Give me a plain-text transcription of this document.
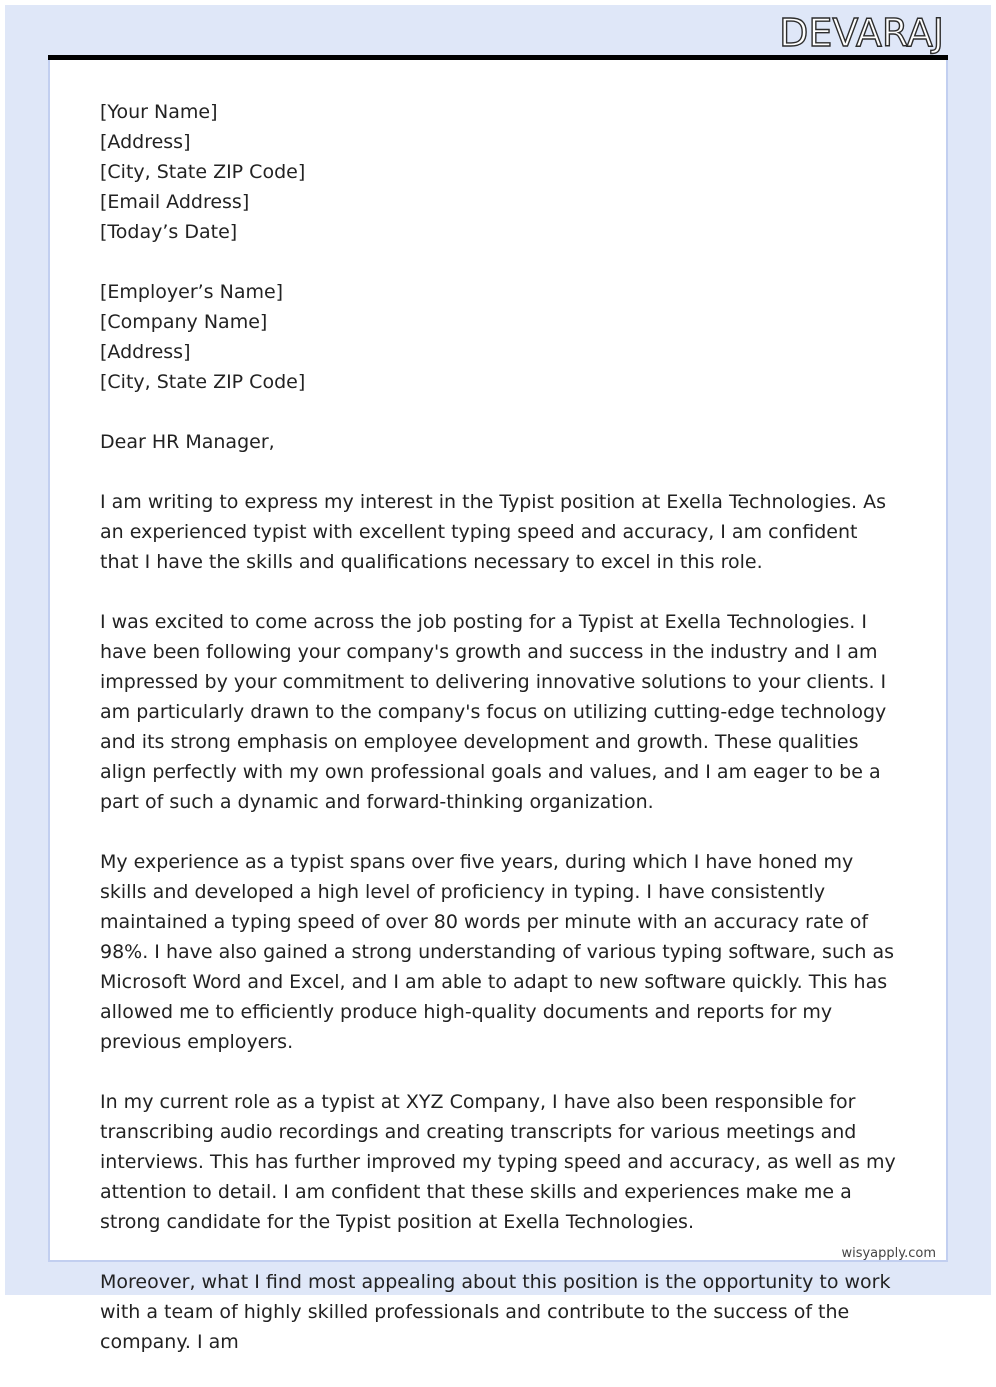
DEVARAJ
[Your Name]
[Address]
[City, State ZIP Code]
[Email Address]
[Today’s Date]
[Employer’s Name]
[Company Name]
[Address]
[City, State ZIP Code]
Dear HR Manager,

I am writing to express my interest in the Typist position at Exella Technologies. As an experienced typist with excellent typing speed and accuracy, I am confident that I have the skills and qualifications necessary to excel in this role.

I was excited to come across the job posting for a Typist at Exella Technologies. I have been following your company's growth and success in the industry and I am impressed by your commitment to delivering innovative solutions to your clients. I am particularly drawn to the company's focus on utilizing cutting-edge technology and its strong emphasis on employee development and growth. These qualities align perfectly with my own professional goals and values, and I am eager to be a part of such a dynamic and forward-thinking organization.

My experience as a typist spans over five years, during which I have honed my skills and developed a high level of proficiency in typing. I have consistently maintained a typing speed of over 80 words per minute with an accuracy rate of 98%. I have also gained a strong understanding of various typing software, such as Microsoft Word and Excel, and I am able to adapt to new software quickly. This has allowed me to efficiently produce high-quality documents and reports for my previous employers.

In my current role as a typist at XYZ Company, I have also been responsible for transcribing audio recordings and creating transcripts for various meetings and interviews. This has further improved my typing speed and accuracy, as well as my attention to detail. I am confident that these skills and experiences make me a strong candidate for the Typist position at Exella Technologies.

Moreover, what I find most appealing about this position is the opportunity to work with a team of highly skilled professionals and contribute to the success of the company. I am

wisyapply.com
